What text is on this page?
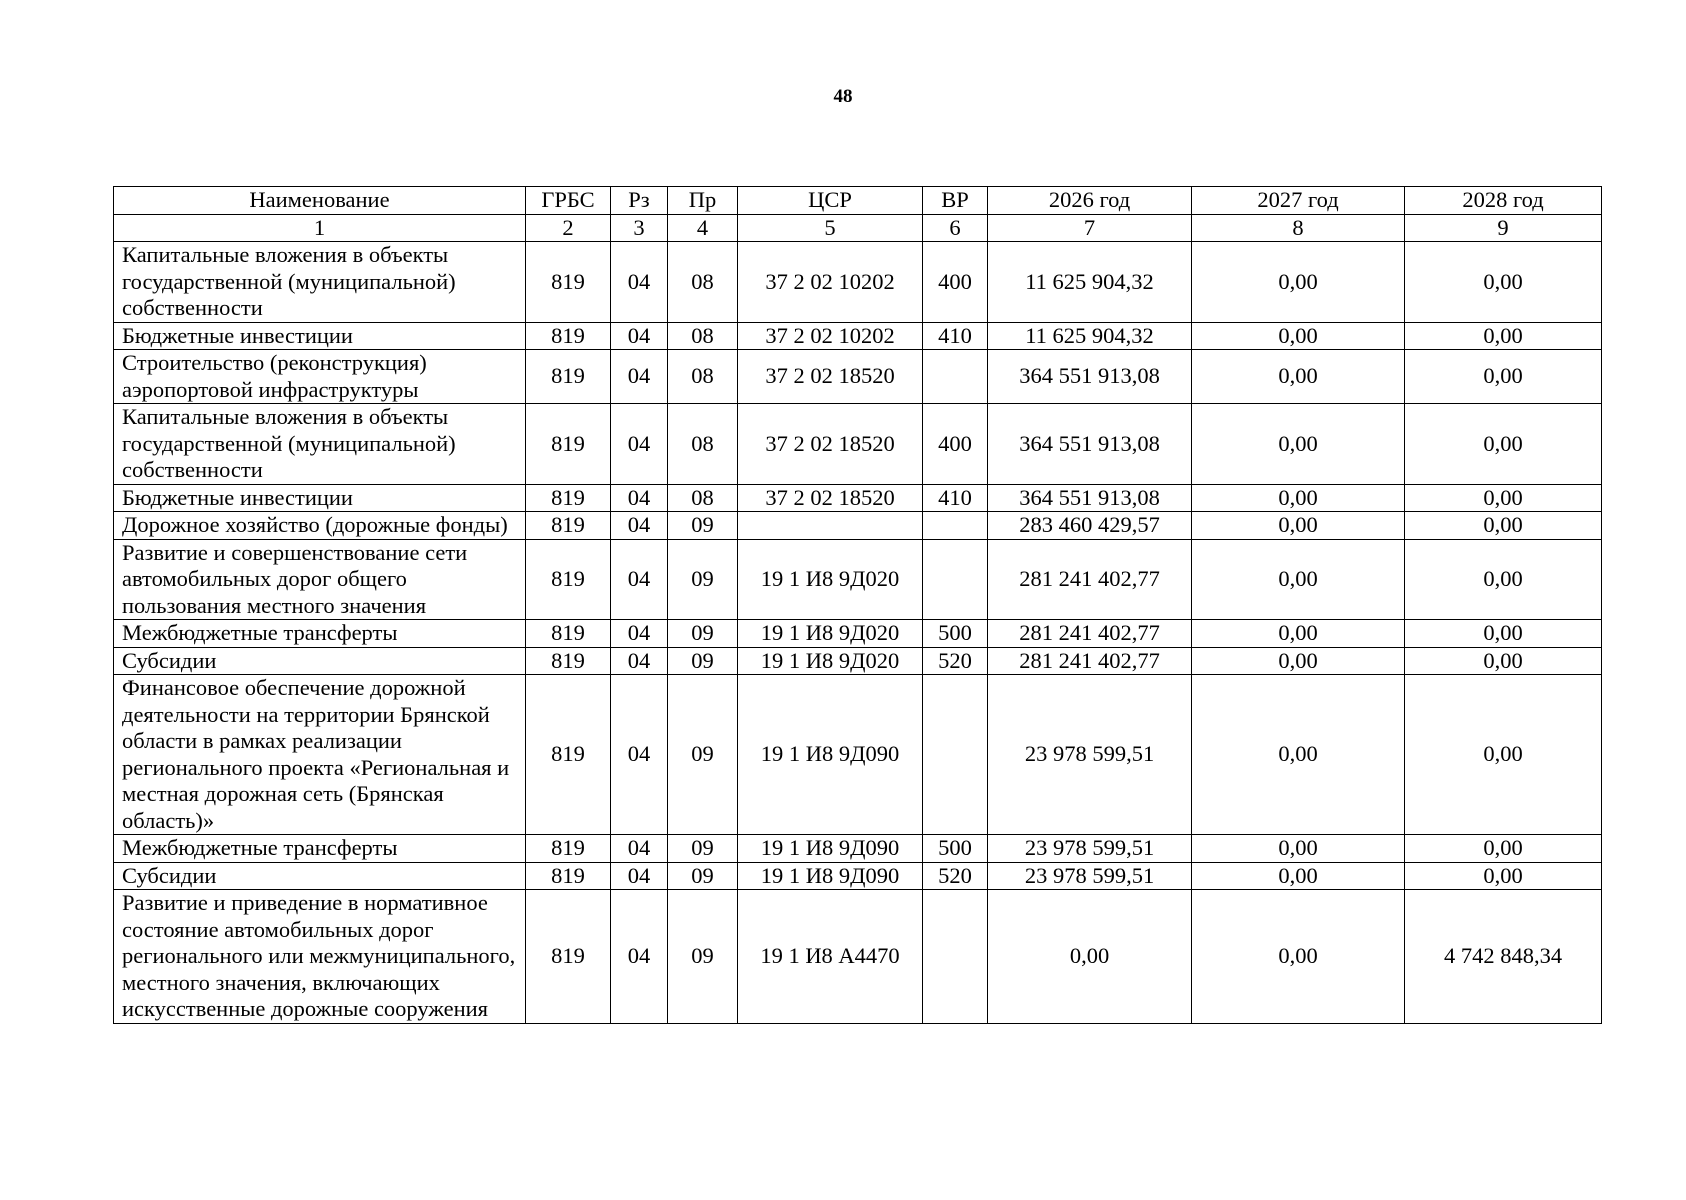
48
Наименование	ГРБС	Рз	Пр	ЦСР	ВР	2026 год	2027 год	2028 год
1	2	3	4	5	6	7	8	9
Капитальные вложения в объекты государственной (муниципальной) собственности	819	04	08	37 2 02 10202	400	11 625 904,32	0,00	0,00
Бюджетные инвестиции	819	04	08	37 2 02 10202	410	11 625 904,32	0,00	0,00
Строительство (реконструкция) аэропортовой инфраструктуры	819	04	08	37 2 02 18520		364 551 913,08	0,00	0,00
Капитальные вложения в объекты государственной (муниципальной) собственности	819	04	08	37 2 02 18520	400	364 551 913,08	0,00	0,00
Бюджетные инвестиции	819	04	08	37 2 02 18520	410	364 551 913,08	0,00	0,00
Дорожное хозяйство (дорожные фонды)	819	04	09			283 460 429,57	0,00	0,00
Развитие и совершенствование сети автомобильных дорог общего пользования местного значения	819	04	09	19 1 И8 9Д020		281 241 402,77	0,00	0,00
Межбюджетные трансферты	819	04	09	19 1 И8 9Д020	500	281 241 402,77	0,00	0,00
Субсидии	819	04	09	19 1 И8 9Д020	520	281 241 402,77	0,00	0,00
Финансовое обеспечение дорожной деятельности на территории Брянской области в рамках реализации регионального проекта «Региональная и местная дорожная сеть (Брянская область)»	819	04	09	19 1 И8 9Д090		23 978 599,51	0,00	0,00
Межбюджетные трансферты	819	04	09	19 1 И8 9Д090	500	23 978 599,51	0,00	0,00
Субсидии	819	04	09	19 1 И8 9Д090	520	23 978 599,51	0,00	0,00
Развитие и приведение в нормативное состояние автомобильных дорог регионального или межмуниципального, местного значения, включающих искусственные дорожные сооружения	819	04	09	19 1 И8 А4470		0,00	0,00	4 742 848,34
